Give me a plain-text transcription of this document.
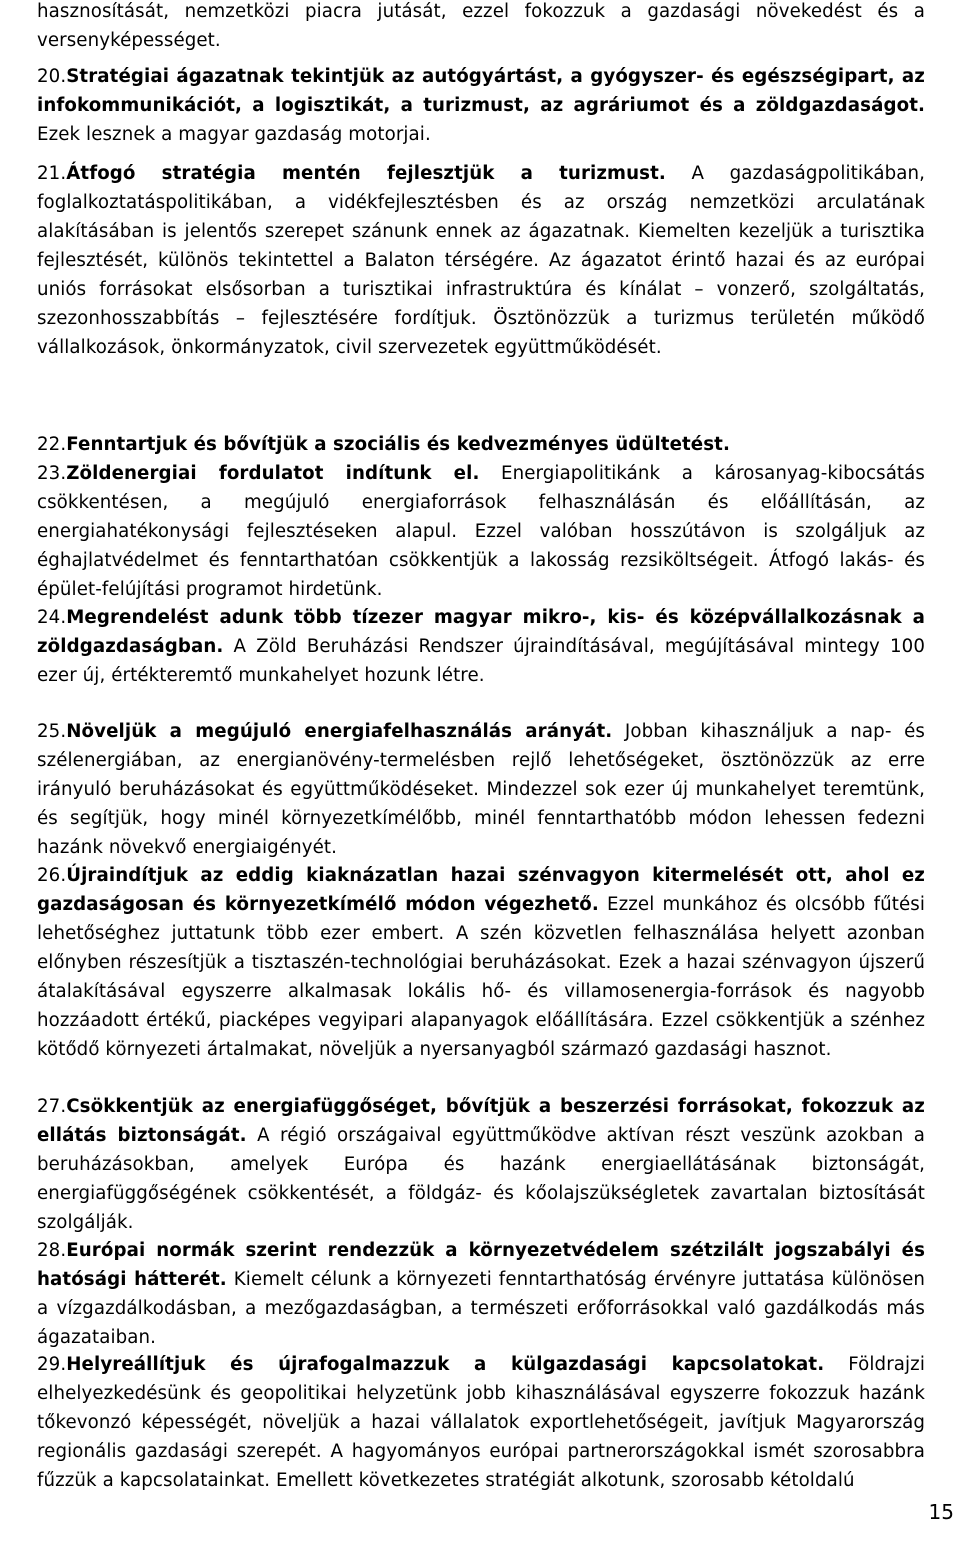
hasznosítását, nemzetközi piacra jutását, ezzel fokozzuk a gazdasági növekedést és a versenyképességet.

20.Stratégiai ágazatnak tekintjük az autógyártást, a gyógyszer- és egészségipart, az infokommunikációt, a logisztikát, a turizmust, az agráriumot és a zöldgazdaságot. Ezek lesznek a magyar gazdaság motorjai.

21.Átfogó stratégia mentén fejlesztjük a turizmust. A gazdaságpolitikában, foglalkoztatáspolitikában, a vidékfejlesztésben és az ország nemzetközi arculatának alakításában is jelentős szerepet szánunk ennek az ágazatnak. Kiemelten kezeljük a turisztika fejlesztését, különös tekintettel a Balaton térségére. Az ágazatot érintő hazai és az európai uniós forrásokat elsősorban a turisztikai infrastruktúra és kínálat – vonzerő, szolgáltatás, szezonhosszabbítás – fejlesztésére fordítjuk. Ösztönözzük a turizmus területén működő vállalkozások, önkormányzatok, civil szervezetek együttműködését.

22.Fenntartjuk és bővítjük a szociális és kedvezményes üdültetést.

23.Zöldenergiai fordulatot indítunk el. Energiapolitikánk a károsanyag-kibocsátás csökkentésen, a megújuló energiaforrások felhasználásán és előállításán, az energiahatékonysági fejlesztéseken alapul. Ezzel valóban hosszútávon is szolgáljuk az éghajlatvédelmet és fenntarthatóan csökkentjük a lakosság rezsiköltségeit. Átfogó lakás- és épület-felújítási programot hirdetünk.

24.Megrendelést adunk több tízezer magyar mikro-, kis- és középvállalkozásnak a zöldgazdaságban. A Zöld Beruházási Rendszer újraindításával, megújításával mintegy 100 ezer új, értékteremtő munkahelyet hozunk létre.

25.Növeljük a megújuló energiafelhasználás arányát. Jobban kihasználjuk a nap- és szélenergiában, az energianövény-termelésben rejlő lehetőségeket, ösztönözzük az erre irányuló beruházásokat és együttműködéseket. Mindezzel sok ezer új munkahelyet teremtünk, és segítjük, hogy minél környezetkímélőbb, minél fenntarthatóbb módon lehessen fedezni hazánk növekvő energiaigényét.

26.Újraindítjuk az eddig kiaknázatlan hazai szénvagyon kitermelését ott, ahol ez gazdaságosan és környezetkímélő módon végezhető. Ezzel munkához és olcsóbb fűtési lehetőséghez juttatunk több ezer embert. A szén közvetlen felhasználása helyett azonban előnyben részesítjük a tisztaszén-technológiai beruházásokat. Ezek a hazai szénvagyon újszerű átalakításával egyszerre alkalmasak lokális hő- és villamosenergia-források és nagyobb hozzáadott értékű, piacképes vegyipari alapanyagok előállítására. Ezzel csökkentjük a szénhez kötődő környezeti ártalmakat, növeljük a nyersanyagból származó gazdasági hasznot.

27.Csökkentjük az energiafüggőséget, bővítjük a beszerzési forrásokat, fokozzuk az ellátás biztonságát. A régió országaival együttműködve aktívan részt veszünk azokban a beruházásokban, amelyek Európa és hazánk energiaellátásának biztonságát, energiafüggőségének csökkentését, a földgáz- és kőolajszükségletek zavartalan biztosítását szolgálják.

28.Európai normák szerint rendezzük a környezetvédelem szétzilált jogszabályi és hatósági hátterét. Kiemelt célunk a környezeti fenntarthatóság érvényre juttatása különösen a vízgazdálkodásban, a mezőgazdaságban, a természeti erőforrásokkal való gazdálkodás más ágazataiban.

29.Helyreállítjuk és újrafogalmazzuk a külgazdasági kapcsolatokat. Földrajzi elhelyezkedésünk és geopolitikai helyzetünk jobb kihasználásával egyszerre fokozzuk hazánk tőkevonzó képességét, növeljük a hazai vállalatok exportlehetőségeit, javítjuk Magyarország regionális gazdasági szerepét. A hagyományos európai partnerországokkal ismét szorosabbra fűzzük a kapcsolatainkat. Emellett következetes stratégiát alkotunk, szorosabb kétoldalú

15
